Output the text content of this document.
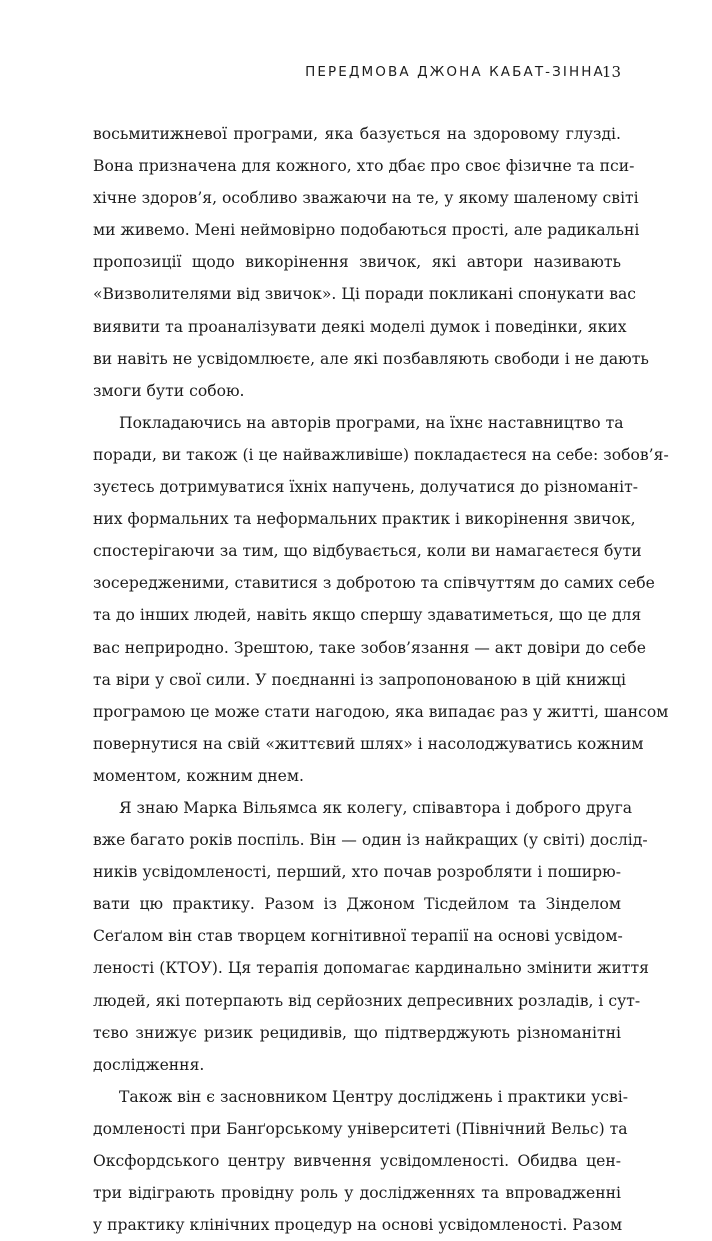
ПЕРЕДМОВА ДЖОНА КАБАТ-ЗІННА
13
восьмитижневої програми, яка базується на здоровому глузді.
Вона призначена для кожного, хто дбає про своє фізичне та пси-
хічне здоров’я, особливо зважаючи на те, у якому шаленому світі
ми живемо. Мені неймовірно подобаються прості, але радикальні
пропозиції щодо викорінення звичок, які автори називають
«Визволителями від звичок». Ці поради покликані спонукати вас
виявити та проаналізувати деякі моделі думок і поведінки, яких
ви навіть не усвідомлюєте, але які позбавляють свободи і не дають
змоги бути собою.
Покладаючись на авторів програми, на їхнє наставництво та
поради, ви також (і це найважливіше) покладаєтеся на себе: зобов’я-
зуєтесь дотримуватися їхніх напучень, долучатися до різноманіт-
них формальних та неформальних практик і викорінення звичок,
спостерігаючи за тим, що відбувається, коли ви намагаєтеся бути
зосередженими, ставитися з добротою та співчуттям до самих себе
та до інших людей, навіть якщо спершу здаватиметься, що це для
вас неприродно. Зрештою, таке зобов’язання — акт довіри до себе
та віри у свої сили. У поєднанні із запропонованою в цій книжці
програмою це може стати нагодою, яка випадає раз у житті, шансом
повернутися на свій «життєвий шлях» і насолоджуватись кожним
моментом, кожним днем.
Я знаю Марка Вільямса як колегу, співавтора і доброго друга
вже багато років поспіль. Він — один із найкращих (у світі) дослід-
ників усвідомленості, перший, хто почав розробляти і поширю-
вати цю практику. Разом із Джоном Тісдейлом та Зінделом
Сеґалом він став творцем когнітивної терапії на основі усвідом-
леності (КТОУ). Ця терапія допомагає кардинально змінити життя
людей, які потерпають від серйозних депресивних розладів, і сут-
тєво знижує ризик рецидивів, що підтверджують різноманітні
дослідження.
Також він є засновником Центру досліджень і практики усві-
домленості при Банґорському університеті (Північний Вельс) та
Оксфордського центру вивчення усвідомленості. Обидва цен-
три відіграють провідну роль у дослідженнях та впровадженні
у практику клінічних процедур на основі усвідомленості. Разом
